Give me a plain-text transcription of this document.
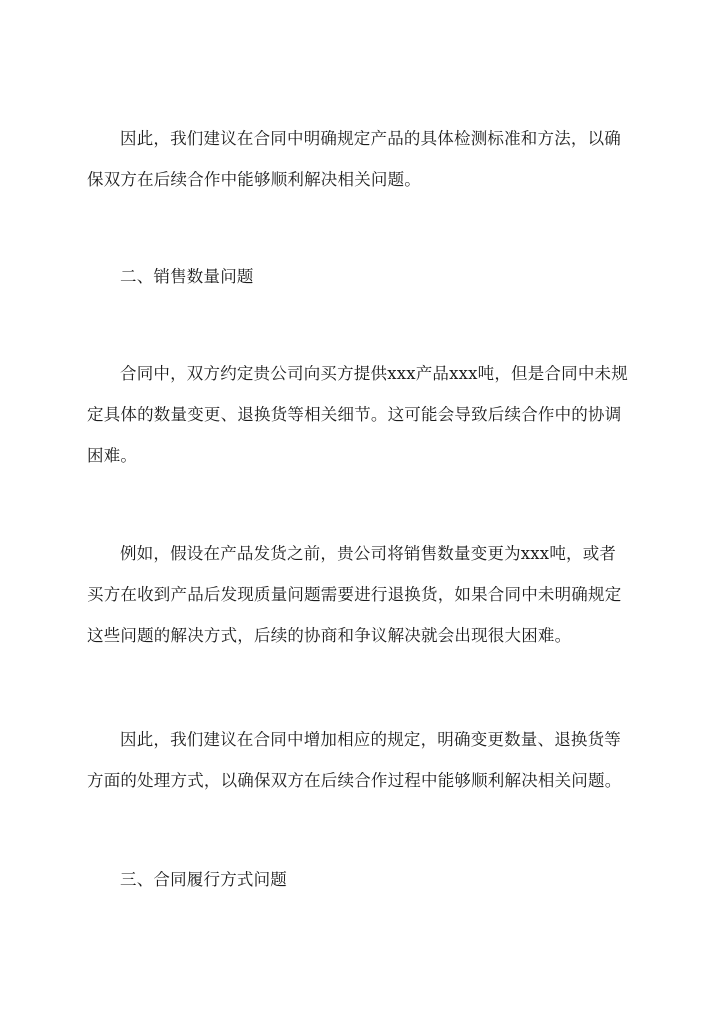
因此，我们建议在合同中明确规定产品的具体检测标准和方法，以确
保双方在后续合作中能够顺利解决相关问题。
二、销售数量问题
合同中，双方约定贵公司向买方提供xxx产品xxx吨，但是合同中未规
定具体的数量变更、退换货等相关细节。这可能会导致后续合作中的协调
困难。
例如，假设在产品发货之前，贵公司将销售数量变更为xxx吨，或者
买方在收到产品后发现质量问题需要进行退换货，如果合同中未明确规定
这些问题的解决方式，后续的协商和争议解决就会出现很大困难。
因此，我们建议在合同中增加相应的规定，明确变更数量、退换货等
方面的处理方式，以确保双方在后续合作过程中能够顺利解决相关问题。
三、合同履行方式问题
